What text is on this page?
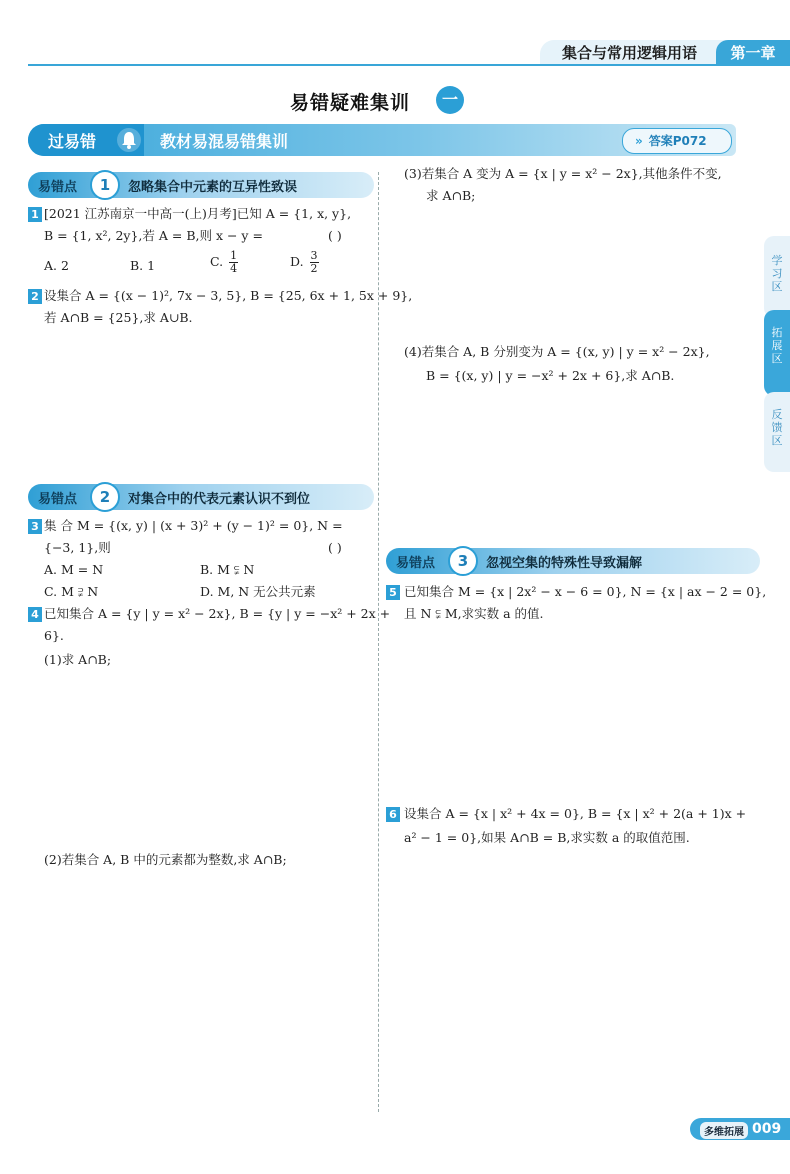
集合与常用逻辑用语	第一章
易错疑难集训	一
过易错	教材易混易错集训	» 答案P072
易错点	1	忽略集合中元素的互异性致误
1 [2021 江苏南京一中高一(上)月考]已知 A = {1, x, y},
B = {1, x², 2y},若 A = B,则 x − y =	( )
A. 2	B. 1	C. $\frac{1}{4}$	D. $\frac{3}{2}$
2 设集合 A = {(x − 1)², 7x − 3, 5}, B = {25, 6x + 1, 5x + 9},
若 A∩B = {25},求 A∪B.
易错点	2	对集合中的代表元素认识不到位
3 集 合 M = {(x, y) | (x + 3)² + (y − 1)² = 0}, N =
{−3, 1},则	( )
A. M = N	B. M ⫋ N
C. M ⫌ N	D. M, N 无公共元素
4 已知集合 A = {y | y = x² − 2x}, B = {y | y = −x² + 2x +
6}.
(1)求 A∩B;
(2)若集合 A, B 中的元素都为整数,求 A∩B;
(3)若集合 A 变为 A = {x | y = x² − 2x},其他条件不变,
求 A∩B;
(4)若集合 A, B 分别变为 A = {(x, y) | y = x² − 2x},
B = {(x, y) | y = −x² + 2x + 6},求 A∩B.
易错点	3	忽视空集的特殊性导致漏解
5 已知集合 M = {x | 2x² − x − 6 = 0}, N = {x | ax − 2 = 0},
且 N ⫋ M,求实数 a 的值.
6 设集合 A = {x | x² + 4x = 0}, B = {x | x² + 2(a + 1)x +
a² − 1 = 0},如果 A∩B = B,求实数 a 的取值范围.
学习区
拓展区
反馈区
多维拓展 009
